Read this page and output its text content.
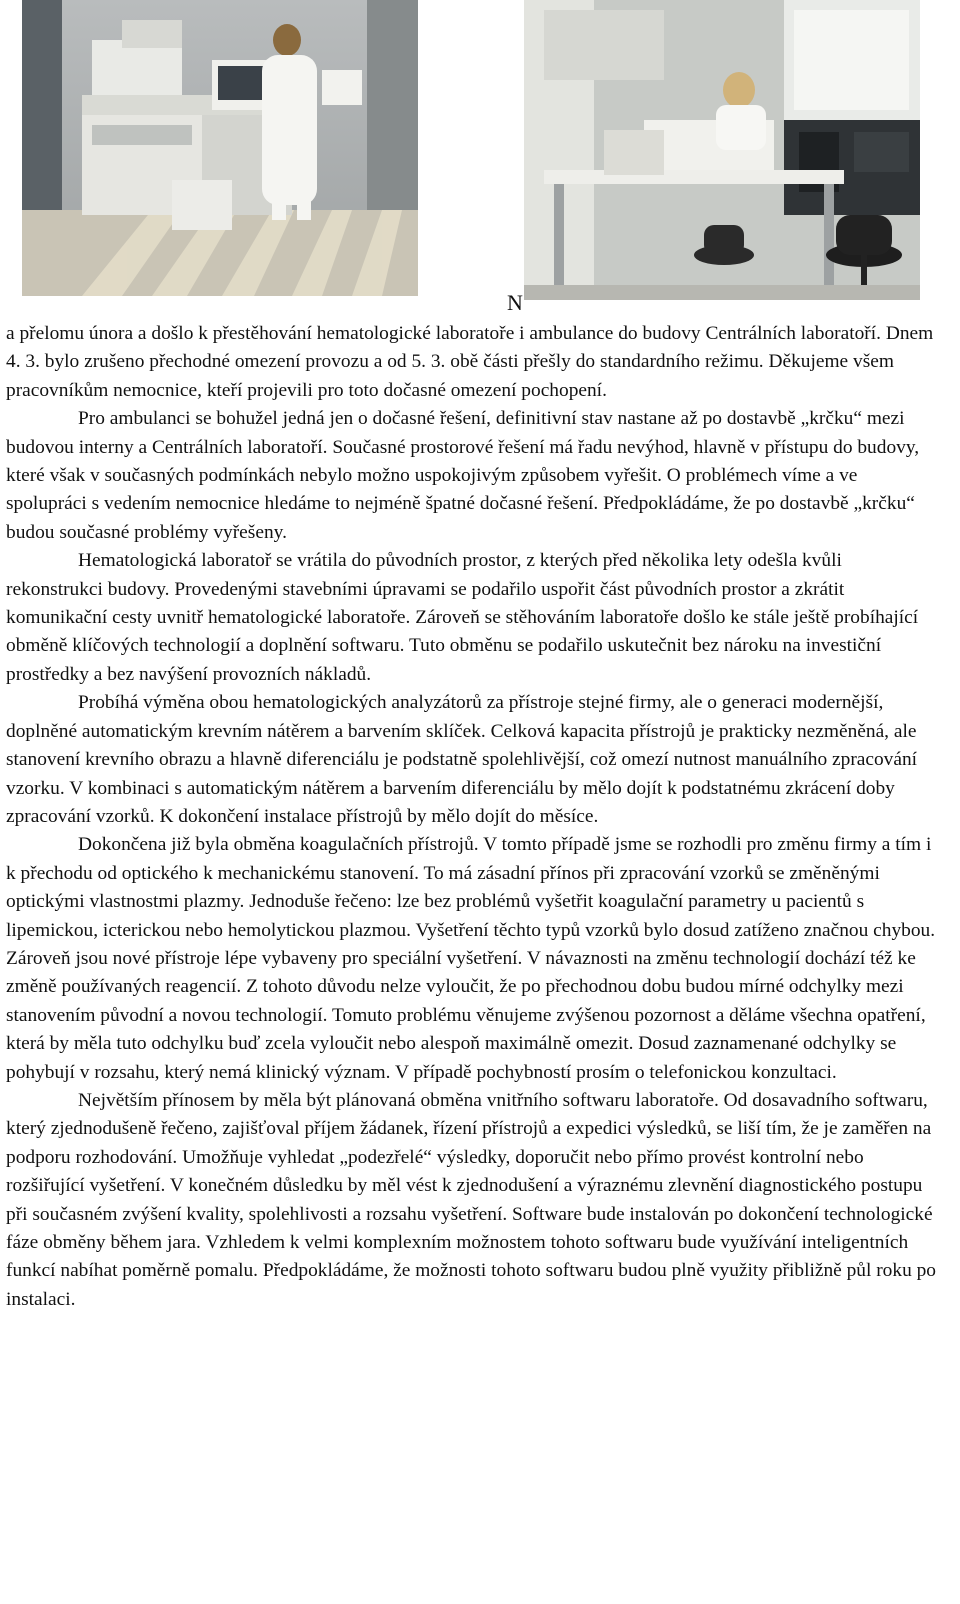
N

a přelomu února a došlo k přestěhování hematologické laboratoře i ambulance do budovy Centrálních laboratoří. Dnem 4. 3. bylo zrušeno přechodné omezení provozu a od 5. 3. obě části přešly do standardního režimu. Děkujeme všem pracovníkům nemocnice, kteří projevili pro toto dočasné omezení pochopení.

Pro ambulanci se bohužel jedná jen o dočasné řešení, definitivní stav nastane až po dostavbě „krčku“ mezi budovou interny a Centrálních laboratoří. Současné prostorové řešení má řadu nevýhod, hlavně v přístupu do budovy, které však v současných podmínkách nebylo možno uspokojivým způsobem vyřešit. O problémech víme a ve spolupráci s vedením nemocnice hledáme to nejméně špatné dočasné řešení. Předpokládáme, že po dostavbě „krčku“ budou současné problémy vyřešeny.

Hematologická laboratoř se vrátila do původních prostor, z kterých před několika lety odešla kvůli rekonstrukci budovy. Provedenými stavebními úpravami se podařilo uspořit část původních prostor a zkrátit komunikační cesty uvnitř hematologické laboratoře. Zároveň se stěhováním laboratoře došlo ke stále ještě probíhající obměně klíčových technologií a doplnění softwaru. Tuto obměnu se podařilo uskutečnit bez nároku na investiční prostředky a bez navýšení provozních nákladů.

Probíhá výměna obou hematologických analyzátorů za přístroje stejné firmy, ale o generaci modernější, doplněné automatickým krevním nátěrem a barvením sklíček. Celková kapacita přístrojů je prakticky nezměněná, ale stanovení krevního obrazu a hlavně diferenciálu je podstatně spolehlivější, což omezí nutnost manuálního zpracování vzorku. V kombinaci s automatickým nátěrem a barvením diferenciálu by mělo dojít k podstatnému zkrácení doby zpracování vzorků. K dokončení instalace přístrojů by mělo dojít do měsíce.

Dokončena již byla obměna koagulačních přístrojů. V tomto případě jsme se rozhodli pro změnu firmy a tím i k přechodu od optického k mechanickému stanovení. To má zásadní přínos při zpracování vzorků se změněnými optickými vlastnostmi plazmy. Jednoduše řečeno: lze bez problémů vyšetřit koagulační parametry u pacientů s lipemickou, icterickou nebo hemolytickou plazmou. Vyšetření těchto typů vzorků bylo dosud zatíženo značnou chybou. Zároveň jsou nové přístroje lépe vybaveny pro speciální vyšetření. V návaznosti na změnu technologií dochází též ke změně používaných reagencií. Z tohoto důvodu nelze vyloučit, že po přechodnou dobu budou mírné odchylky mezi stanovením původní a novou technologií. Tomuto problému věnujeme zvýšenou pozornost a děláme všechna opatření, která by měla tuto odchylku buď zcela vyloučit nebo alespoň maximálně omezit. Dosud zaznamenané odchylky se pohybují v rozsahu, který nemá klinický význam. V případě pochybností prosím o telefonickou konzultaci.

Největším přínosem by měla být plánovaná obměna vnitřního softwaru laboratoře. Od dosavadního softwaru, který zjednodušeně řečeno, zajišťoval příjem žádanek, řízení přístrojů a expedici výsledků, se liší tím, že je zaměřen na podporu rozhodování. Umožňuje vyhledat „podezřelé“ výsledky, doporučit nebo přímo provést kontrolní nebo rozšiřující vyšetření. V konečném důsledku by měl vést k zjednodušení a výraznému zlevnění diagnostického postupu při současném zvýšení kvality, spolehlivosti a rozsahu vyšetření. Software bude instalován po dokončení technologické fáze obměny během jara. Vzhledem k velmi komplexním možnostem tohoto softwaru bude využívání inteligentních funkcí nabíhat poměrně pomalu. Předpokládáme, že možnosti tohoto softwaru budou plně využity přibližně půl roku po instalaci.
